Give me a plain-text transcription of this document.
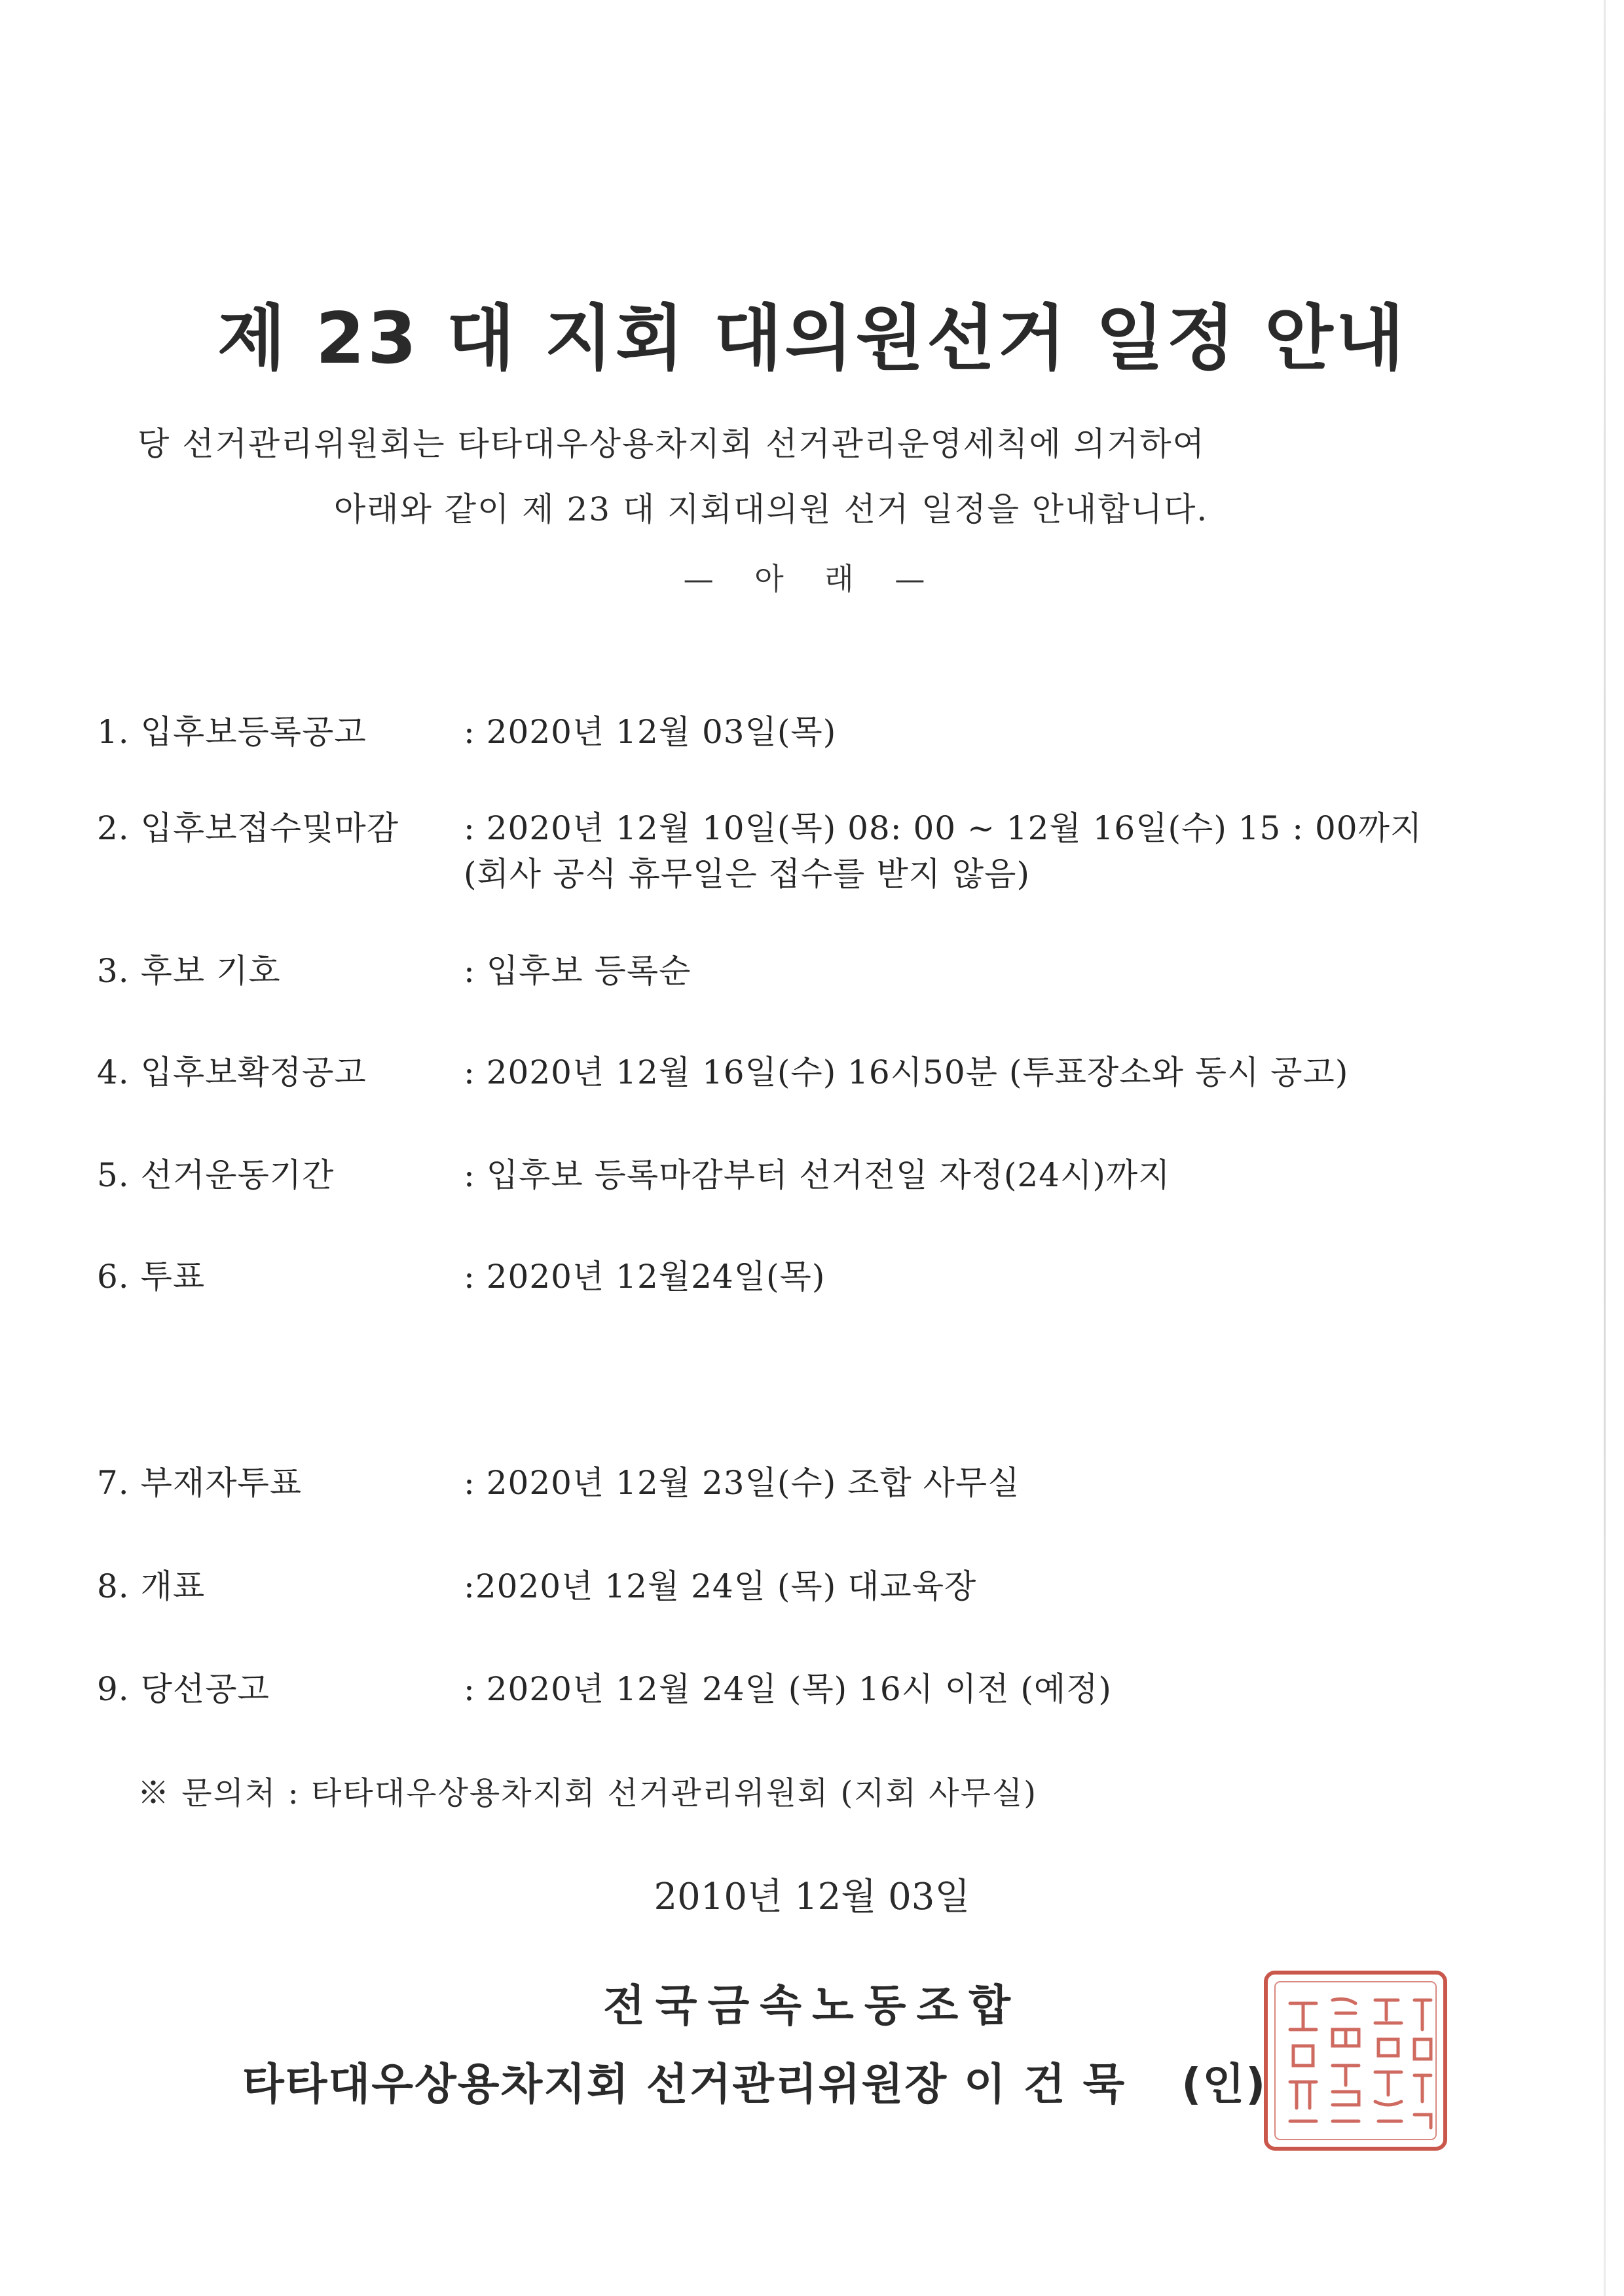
제 23 대 지회 대의원선거 일정 안내
당 선거관리위원회는 타타대우상용차지회 선거관리운영세칙에 의거하여
아래와 같이 제 23 대 지회대의원 선거 일정을 안내합니다.
— 아 래 —
1. 입후보등록공고	: 2020년 12월 03일(목)
2. 입후보접수및마감 : 2020년 12월 10일(목) 08: 00 ~ 12월 16일(수) 15 : 00까지
(회사 공식 휴무일은 접수를 받지 않음)
3. 후보 기호	: 입후보 등록순
4. 입후보확정공고	: 2020년 12월 16일(수) 16시50분 (투표장소와 동시 공고)
5. 선거운동기간	: 입후보 등록마감부터 선거전일 자정(24시)까지
6. 투표	: 2020년 12월24일(목)
7. 부재자투표	: 2020년 12월 23일(수) 조합 사무실
8. 개표	:2020년 12월 24일 (목) 대교육장
9. 당선공고	: 2020년 12월 24일 (목) 16시 이전 (예정)
※ 문의처 : 타타대우상용차지회 선거관리위원회 (지회 사무실)
2010년 12월 03일
전국금속노동조합
타타대우상용차지회 선거관리위원장 이 건 묵 (인)
